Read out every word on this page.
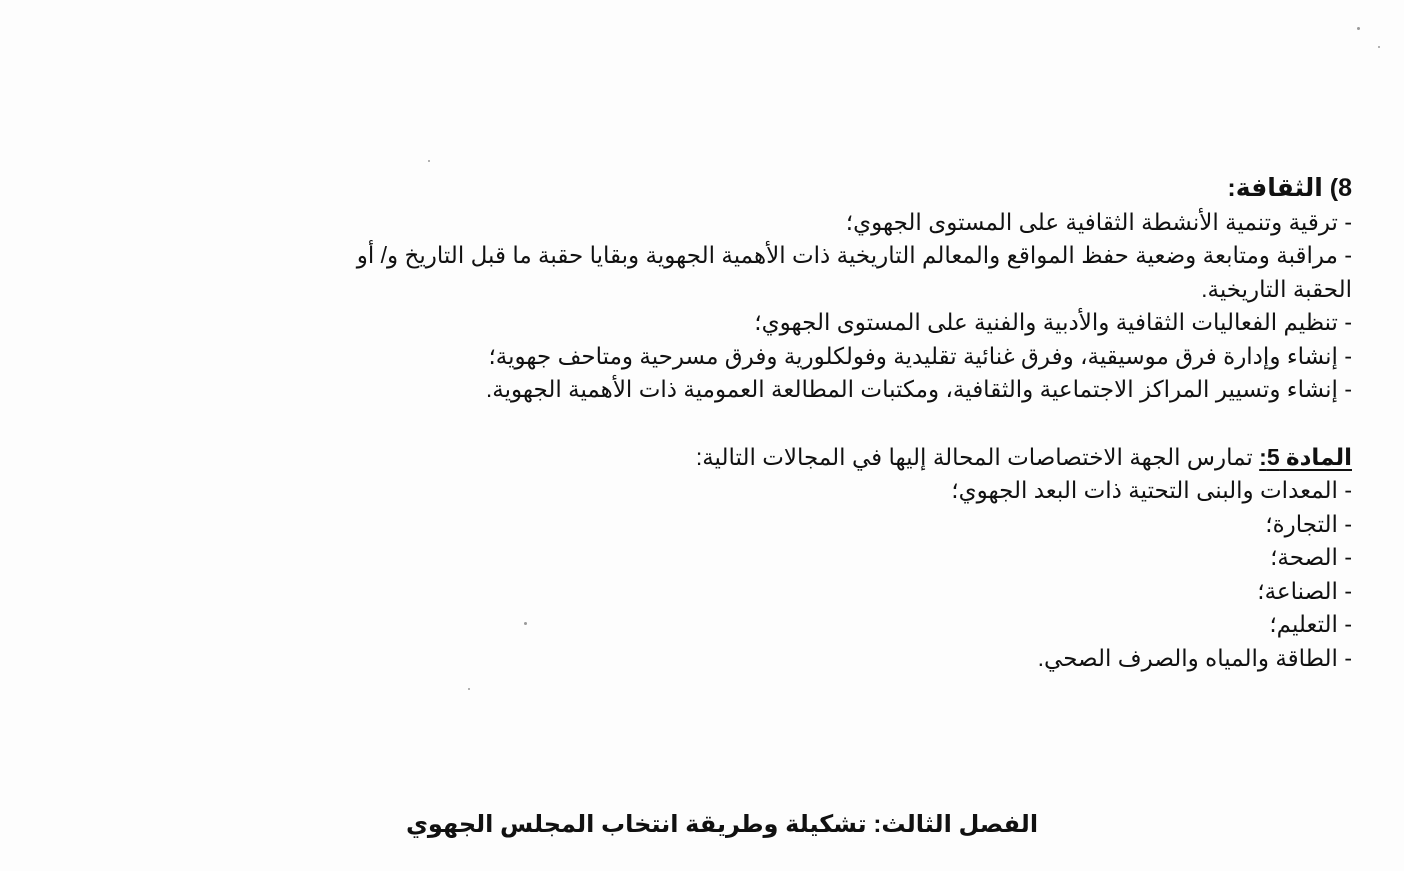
8) الثقافة:
- ترقية وتنمية الأنشطة الثقافية على المستوى الجهوي؛
- مراقبة ومتابعة وضعية حفظ المواقع والمعالم التاريخية ذات الأهمية الجهوية وبقايا حقبة ما قبل التاريخ و/ أو
الحقبة التاريخية.
- تنظيم الفعاليات الثقافية والأدبية والفنية على المستوى الجهوي؛
- إنشاء وإدارة فرق موسيقية، وفرق غنائية تقليدية وفولكلورية وفرق مسرحية ومتاحف جهوية؛
- إنشاء وتسيير المراكز الاجتماعية والثقافية، ومكتبات المطالعة العمومية ذات الأهمية الجهوية.
المادة 5: تمارس الجهة الاختصاصات المحالة إليها في المجالات التالية:
- المعدات والبنى التحتية ذات البعد الجهوي؛
- التجارة؛
- الصحة؛
- الصناعة؛
- التعليم؛
- الطاقة والمياه والصرف الصحي.
الفصل الثالث: تشكيلة وطريقة انتخاب المجلس الجهوي
